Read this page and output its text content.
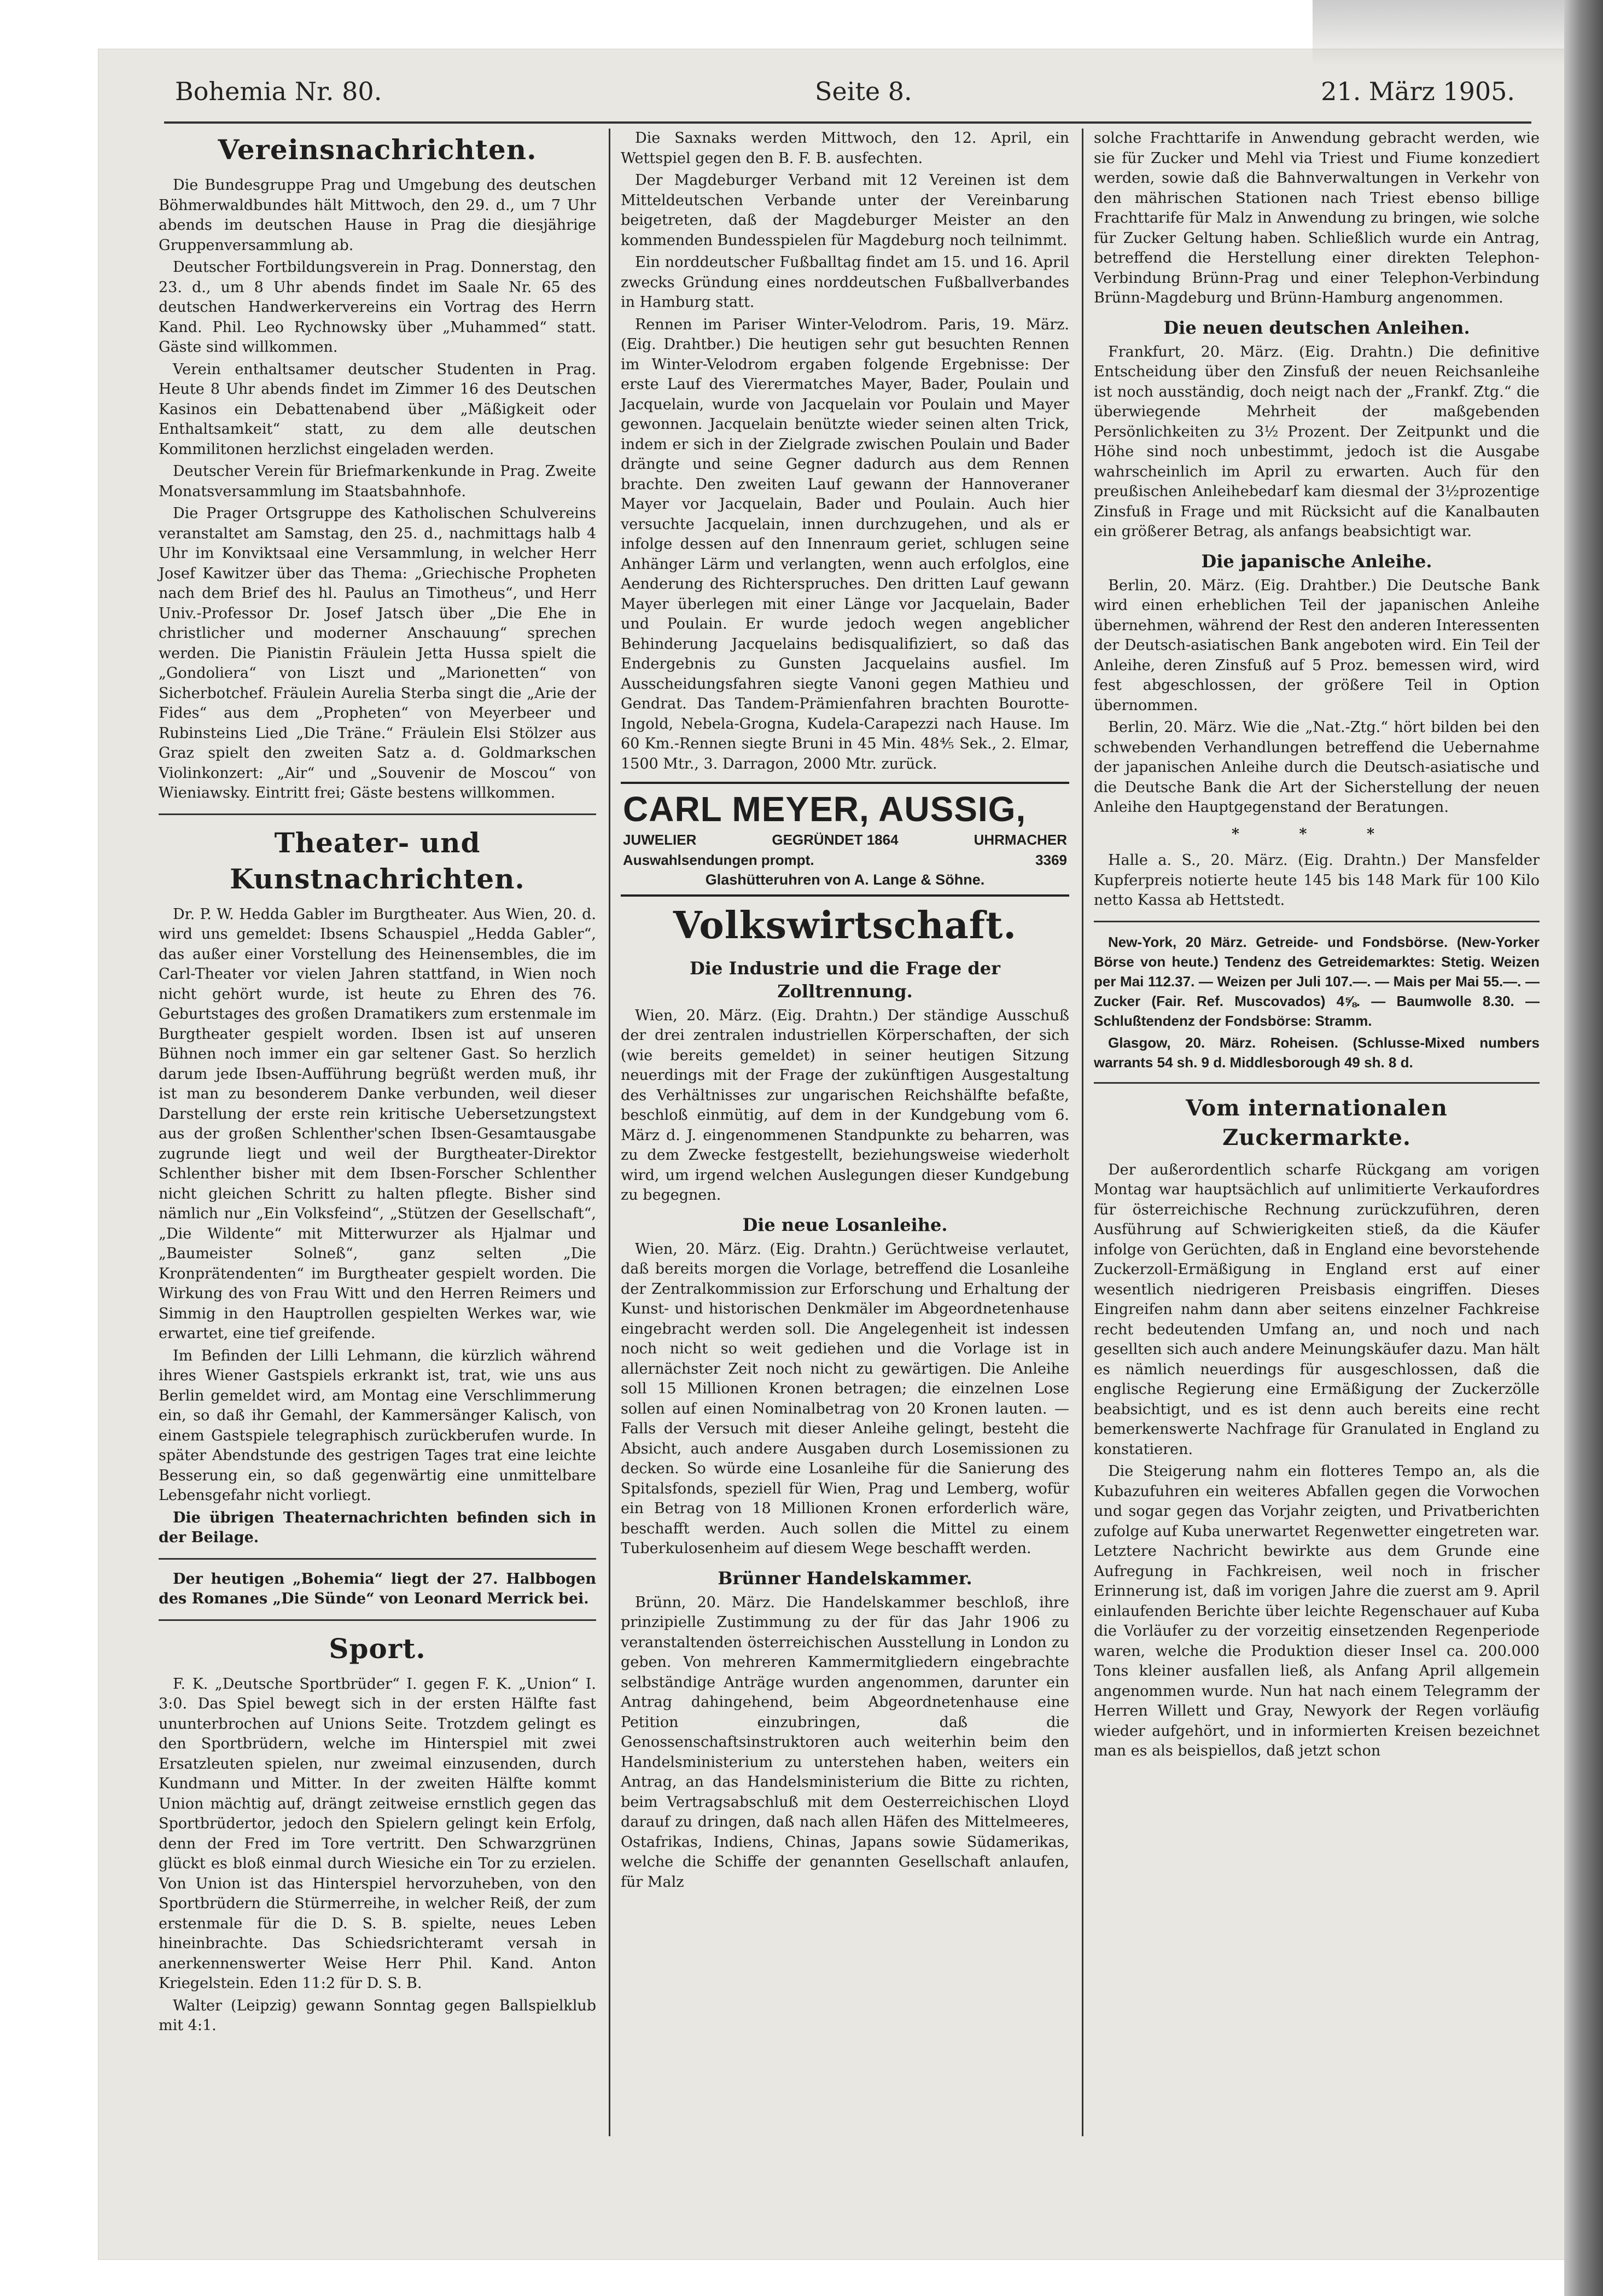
Bohemia Nr. 80.	Seite 8.	21. März 1905.
Vereinsnachrichten.

Die Bundesgruppe Prag und Umgebung des deutschen Böhmerwaldbundes hält Mittwoch, den 29. d., um 7 Uhr abends im deutschen Hause in Prag die diesjährige Gruppenversammlung ab.

Deutscher Fortbildungsverein in Prag. Donnerstag, den 23. d., um 8 Uhr abends findet im Saale Nr. 65 des deutschen Handwerkervereins ein Vortrag des Herrn Kand. Phil. Leo Rychnowsky über „Muhammed“ statt. Gäste sind willkommen.

Verein enthaltsamer deutscher Studenten in Prag. Heute 8 Uhr abends findet im Zimmer 16 des Deutschen Kasinos ein Debattenabend über „Mäßigkeit oder Enthaltsamkeit“ statt, zu dem alle deutschen Kommilitonen herzlichst eingeladen werden.

Deutscher Verein für Briefmarkenkunde in Prag. Zweite Monatsversammlung im Staatsbahnhofe.

Die Prager Ortsgruppe des Katholischen Schulvereins veranstaltet am Samstag, den 25. d., nachmittags halb 4 Uhr im Konviktsaal eine Versammlung, in welcher Herr Josef Kawitzer über das Thema: „Griechische Propheten nach dem Brief des hl. Paulus an Timotheus“, und Herr Univ.-Professor Dr. Josef Jatsch über „Die Ehe in christlicher und moderner Anschauung“ sprechen werden. Die Pianistin Fräulein Jetta Hussa spielt die „Gondoliera“ von Liszt und „Marionetten“ von Sicherbotchef. Fräulein Aurelia Sterba singt die „Arie der Fides“ aus dem „Propheten“ von Meyerbeer und Rubinsteins Lied „Die Träne.“ Fräulein Elsi Stölzer aus Graz spielt den zweiten Satz a. d. Goldmarkschen Violinkonzert: „Air“ und „Souvenir de Moscou“ von Wieniawsky. Eintritt frei; Gäste bestens willkommen.

Theater- und Kunstnachrichten.

Dr. P. W. Hedda Gabler im Burgtheater. Aus Wien, 20. d. wird uns gemeldet: Ibsens Schauspiel „Hedda Gabler“, das außer einer Vorstellung des Heinensembles, die im Carl-Theater vor vielen Jahren stattfand, in Wien noch nicht gehört wurde, ist heute zu Ehren des 76. Geburtstages des großen Dramatikers zum erstenmale im Burgtheater gespielt worden. Ibsen ist auf unseren Bühnen noch immer ein gar seltener Gast. So herzlich darum jede Ibsen-Aufführung begrüßt werden muß, ihr ist man zu besonderem Danke verbunden, weil dieser Darstellung der erste rein kritische Uebersetzungstext aus der großen Schlenther'schen Ibsen-Gesamtausgabe zugrunde liegt und weil der Burgtheater-Direktor Schlenther bisher mit dem Ibsen-Forscher Schlenther nicht gleichen Schritt zu halten pflegte. Bisher sind nämlich nur „Ein Volksfeind“, „Stützen der Gesellschaft“, „Die Wildente“ mit Mitterwurzer als Hjalmar und „Baumeister Solneß“, ganz selten „Die Kronprätendenten“ im Burgtheater gespielt worden. Die Wirkung des von Frau Witt und den Herren Reimers und Simmig in den Hauptrollen gespielten Werkes war, wie erwartet, eine tief greifende.

Im Befinden der Lilli Lehmann, die kürzlich während ihres Wiener Gastspiels erkrankt ist, trat, wie uns aus Berlin gemeldet wird, am Montag eine Verschlimmerung ein, so daß ihr Gemahl, der Kammersänger Kalisch, von einem Gastspiele telegraphisch zurückberufen wurde. In später Abendstunde des gestrigen Tages trat eine leichte Besserung ein, so daß gegenwärtig eine unmittelbare Lebensgefahr nicht vorliegt.

Die übrigen Theaternachrichten befinden sich in der Beilage.

Der heutigen „Bohemia“ liegt der 27. Halbbogen des Romanes „Die Sünde“ von Leonard Merrick bei.

Sport.

F. K. „Deutsche Sportbrüder“ I. gegen F. K. „Union“ I. 3:0. Das Spiel bewegt sich in der ersten Hälfte fast ununterbrochen auf Unions Seite. Trotzdem gelingt es den Sportbrüdern, welche im Hinterspiel mit zwei Ersatzleuten spielen, nur zweimal einzusenden, durch Kundmann und Mitter. In der zweiten Hälfte kommt Union mächtig auf, drängt zeitweise ernstlich gegen das Sportbrüdertor, jedoch den Spielern gelingt kein Erfolg, denn der Fred im Tore vertritt. Den Schwarzgrünen glückt es bloß einmal durch Wiesiche ein Tor zu erzielen. Von Union ist das Hinterspiel hervorzuheben, von den Sportbrüdern die Stürmerreihe, in welcher Reiß, der zum erstenmale für die D. S. B. spielte, neues Leben hineinbrachte. Das Schiedsrichteramt versah in anerkennenswerter Weise Herr Phil. Kand. Anton Kriegelstein. Eden 11:2 für D. S. B.

Walter (Leipzig) gewann Sonntag gegen Ballspielklub mit 4:1.

Die Saxnaks werden Mittwoch, den 12. April, ein Wettspiel gegen den B. F. B. ausfechten.

Der Magdeburger Verband mit 12 Vereinen ist dem Mitteldeutschen Verbande unter der Vereinbarung beigetreten, daß der Magdeburger Meister an den kommenden Bundesspielen für Magdeburg noch teilnimmt.

Ein norddeutscher Fußballtag findet am 15. und 16. April zwecks Gründung eines norddeutschen Fußballverbandes in Hamburg statt.

Rennen im Pariser Winter-Velodrom. Paris, 19. März. (Eig. Drahtber.) Die heutigen sehr gut besuchten Rennen im Winter-Velodrom ergaben folgende Ergebnisse: Der erste Lauf des Vierermatches Mayer, Bader, Poulain und Jacquelain, wurde von Jacquelain vor Poulain und Mayer gewonnen. Jacquelain benützte wieder seinen alten Trick, indem er sich in der Zielgrade zwischen Poulain und Bader drängte und seine Gegner dadurch aus dem Rennen brachte. Den zweiten Lauf gewann der Hannoveraner Mayer vor Jacquelain, Bader und Poulain. Auch hier versuchte Jacquelain, innen durchzugehen, und als er infolge dessen auf den Innenraum geriet, schlugen seine Anhänger Lärm und verlangten, wenn auch erfolglos, eine Aenderung des Richterspruches. Den dritten Lauf gewann Mayer überlegen mit einer Länge vor Jacquelain, Bader und Poulain. Er wurde jedoch wegen angeblicher Behinderung Jacquelains bedisqualifiziert, so daß das Endergebnis zu Gunsten Jacquelains ausfiel. Im Ausscheidungsfahren siegte Vanoni gegen Mathieu und Gendrat. Das Tandem-Prämienfahren brachten Bourotte-Ingold, Nebela-Grogna, Kudela-Carapezzi nach Hause. Im 60 Km.-Rennen siegte Bruni in 45 Min. 48⅘ Sek., 2. Elmar, 1500 Mtr., 3. Darragon, 2000 Mtr. zurück.

CARL MEYER, AUSSIG,
JUWELIER	GEGRÜNDET 1864	UHRMACHER
Auswahlsendungen prompt.	3369
Glashütteruhren von A. Lange & Söhne.
Volkswirtschaft.
Die Industrie und die Frage der Zolltrennung.

Wien, 20. März. (Eig. Drahtn.) Der ständige Ausschuß der drei zentralen industriellen Körperschaften, der sich (wie bereits gemeldet) in seiner heutigen Sitzung neuerdings mit der Frage der zukünftigen Ausgestaltung des Verhältnisses zur ungarischen Reichshälfte befaßte, beschloß einmütig, auf dem in der Kundgebung vom 6. März d. J. eingenommenen Standpunkte zu beharren, was zu dem Zwecke festgestellt, beziehungsweise wiederholt wird, um irgend welchen Auslegungen dieser Kundgebung zu begegnen.

Die neue Losanleihe.

Wien, 20. März. (Eig. Drahtn.) Gerüchtweise verlautet, daß bereits morgen die Vorlage, betreffend die Losanleihe der Zentralkommission zur Erforschung und Erhaltung der Kunst- und historischen Denkmäler im Abgeordnetenhause eingebracht werden soll. Die Angelegenheit ist indessen noch nicht so weit gediehen und die Vorlage ist in allernächster Zeit noch nicht zu gewärtigen. Die Anleihe soll 15 Millionen Kronen betragen; die einzelnen Lose sollen auf einen Nominalbetrag von 20 Kronen lauten. — Falls der Versuch mit dieser Anleihe gelingt, besteht die Absicht, auch andere Ausgaben durch Losemissionen zu decken. So würde eine Losanleihe für die Sanierung des Spitalsfonds, speziell für Wien, Prag und Lemberg, wofür ein Betrag von 18 Millionen Kronen erforderlich wäre, beschafft werden. Auch sollen die Mittel zu einem Tuberkulosenheim auf diesem Wege beschafft werden.

Brünner Handelskammer.

Brünn, 20. März. Die Handelskammer beschloß, ihre prinzipielle Zustimmung zu der für das Jahr 1906 zu veranstaltenden österreichischen Ausstellung in London zu geben. Von mehreren Kammermitgliedern eingebrachte selbständige Anträge wurden angenommen, darunter ein Antrag dahingehend, beim Abgeordnetenhause eine Petition einzubringen, daß die Genossenschaftsinstruktoren auch weiterhin beim den Handelsministerium zu unterstehen haben, weiters ein Antrag, an das Handelsministerium die Bitte zu richten, beim Vertragsabschluß mit dem Oesterreichischen Lloyd darauf zu dringen, daß nach allen Häfen des Mittelmeeres, Ostafrikas, Indiens, Chinas, Japans sowie Südamerikas, welche die Schiffe der genannten Gesellschaft anlaufen, für Malz

solche Frachttarife in Anwendung gebracht werden, wie sie für Zucker und Mehl via Triest und Fiume konzediert werden, sowie daß die Bahnverwaltungen in Verkehr von den mährischen Stationen nach Triest ebenso billige Frachttarife für Malz in Anwendung zu bringen, wie solche für Zucker Geltung haben. Schließlich wurde ein Antrag, betreffend die Herstellung einer direkten Telephon-Verbindung Brünn-Prag und einer Telephon-Verbindung Brünn-Magdeburg und Brünn-Hamburg angenommen.

Die neuen deutschen Anleihen.

Frankfurt, 20. März. (Eig. Drahtn.) Die definitive Entscheidung über den Zinsfuß der neuen Reichsanleihe ist noch ausständig, doch neigt nach der „Frankf. Ztg.“ die überwiegende Mehrheit der maßgebenden Persönlichkeiten zu 3½ Prozent. Der Zeitpunkt und die Höhe sind noch unbestimmt, jedoch ist die Ausgabe wahrscheinlich im April zu erwarten. Auch für den preußischen Anleihebedarf kam diesmal der 3½prozentige Zinsfuß in Frage und mit Rücksicht auf die Kanalbauten ein größerer Betrag, als anfangs beabsichtigt war.

Die japanische Anleihe.

Berlin, 20. März. (Eig. Drahtber.) Die Deutsche Bank wird einen erheblichen Teil der japanischen Anleihe übernehmen, während der Rest den anderen Interessenten der Deutsch-asiatischen Bank angeboten wird. Ein Teil der Anleihe, deren Zinsfuß auf 5 Proz. bemessen wird, wird fest abgeschlossen, der größere Teil in Option übernommen.

Berlin, 20. März. Wie die „Nat.-Ztg.“ hört bilden bei den schwebenden Verhandlungen betreffend die Uebernahme der japanischen Anleihe durch die Deutsch-asiatische und die Deutsche Bank die Art der Sicherstellung der neuen Anleihe den Hauptgegenstand der Beratungen.

* * *

Halle a. S., 20. März. (Eig. Drahtn.) Der Mansfelder Kupferpreis notierte heute 145 bis 148 Mark für 100 Kilo netto Kassa ab Hettstedt.

New-York, 20 März. Getreide- und Fondsbörse. (New-Yorker Börse von heute.) Tendenz des Getreidemarktes: Stetig. Weizen per Mai 112.37. — Weizen per Juli 107.—. — Mais per Mai 55.—. — Zucker (Fair. Ref. Muscovados) 4⅝. — Baumwolle 8.30. — Schlußtendenz der Fondsbörse: Stramm.

Glasgow, 20. März. Roheisen. (Schlusse-Mixed numbers warrants 54 sh. 9 d. Middlesborough 49 sh. 8 d.

Vom internationalen Zuckermarkte.

Der außerordentlich scharfe Rückgang am vorigen Montag war hauptsächlich auf unlimitierte Verkaufordres für österreichische Rechnung zurückzuführen, deren Ausführung auf Schwierigkeiten stieß, da die Käufer infolge von Gerüchten, daß in England eine bevorstehende Zuckerzoll-Ermäßigung in England erst auf einer wesentlich niedrigeren Preisbasis eingriffen. Dieses Eingreifen nahm dann aber seitens einzelner Fachkreise recht bedeutenden Umfang an, und noch und nach gesellten sich auch andere Meinungskäufer dazu. Man hält es nämlich neuerdings für ausgeschlossen, daß die englische Regierung eine Ermäßigung der Zuckerzölle beabsichtigt, und es ist denn auch bereits eine recht bemerkenswerte Nachfrage für Granulated in England zu konstatieren.

Die Steigerung nahm ein flotteres Tempo an, als die Kubazufuhren ein weiteres Abfallen gegen die Vorwochen und sogar gegen das Vorjahr zeigten, und Privatberichten zufolge auf Kuba unerwartet Regenwetter eingetreten war. Letztere Nachricht bewirkte aus dem Grunde eine Aufregung in Fachkreisen, weil noch in frischer Erinnerung ist, daß im vorigen Jahre die zuerst am 9. April einlaufenden Berichte über leichte Regenschauer auf Kuba die Vorläufer zu der vorzeitig einsetzenden Regenperiode waren, welche die Produktion dieser Insel ca. 200.000 Tons kleiner ausfallen ließ, als Anfang April allgemein angenommen wurde. Nun hat nach einem Telegramm der Herren Willett und Gray, Newyork der Regen vorläufig wieder aufgehört, und in informierten Kreisen bezeichnet man es als beispiellos, daß jetzt schon
